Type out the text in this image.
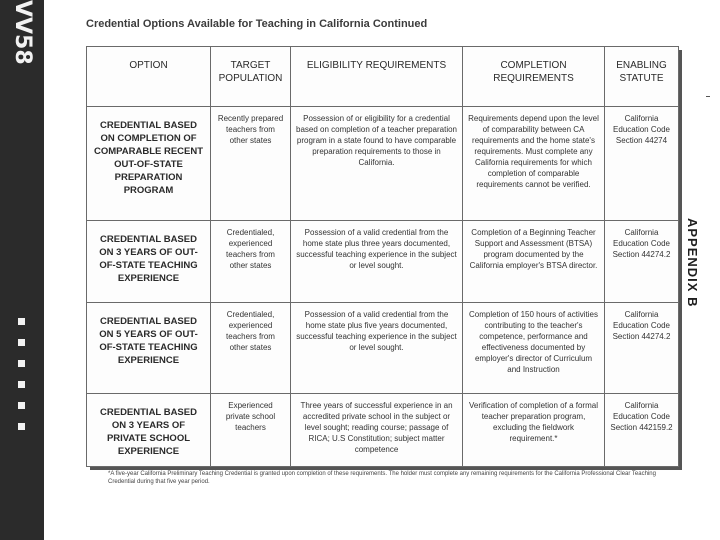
VV58	Credential Options Available for Teaching in California Continued
APPENDIX B
OPTION	TARGET POPULATION	ELIGIBILITY REQUIREMENTS	COMPLETION REQUIREMENTS	ENABLING STATUTE
CREDENTIAL BASED ON COMPLETION OF COMPARABLE RECENT OUT-OF-STATE PREPARATION PROGRAM	Recently prepared teachers from other states	Possession of or eligibility for a credential based on completion of a teacher preparation program in a state found to have comparable preparation requirements to those in California.	Requirements depend upon the level of comparability between CA requirements and the home state's requirements. Must complete any California requirements for which completion of comparable requirements cannot be verified.	California Education Code Section 44274
CREDENTIAL BASED ON 3 YEARS OF OUT-OF-STATE TEACHING EXPERIENCE	Credentialed, experienced teachers from other states	Possession of a valid credential from the home state plus three years documented, successful teaching experience in the subject or level sought.	Completion of a Beginning Teacher Support and Assessment (BTSA) program documented by the California employer's BTSA director.	California Education Code Section 44274.2
CREDENTIAL BASED ON 5 YEARS OF OUT-OF-STATE TEACHING EXPERIENCE	Credentialed, experienced teachers from other states	Possession of a valid credential from the home state plus five years documented, successful teaching experience in the subject or level sought.	Completion of 150 hours of activities contributing to the teacher's competence, performance and effectiveness documented by employer's director of Curriculum and Instruction	California Education Code Section 44274.2
CREDENTIAL BASED ON 3 YEARS OF PRIVATE SCHOOL EXPERIENCE	Experienced private school teachers	Three years of successful experience in an accredited private school in the subject or level sought; reading course; passage of RICA; U.S Constitution; subject matter competence	Verification of completion of a formal teacher preparation program, excluding the fieldwork requirement.*	California Education Code Section 442159.2
*A five-year California Preliminary Teaching Credential is granted upon completion of these requirements. The holder must complete any remaining requirements for the California Professional Clear Teaching Credential during that five year period.
